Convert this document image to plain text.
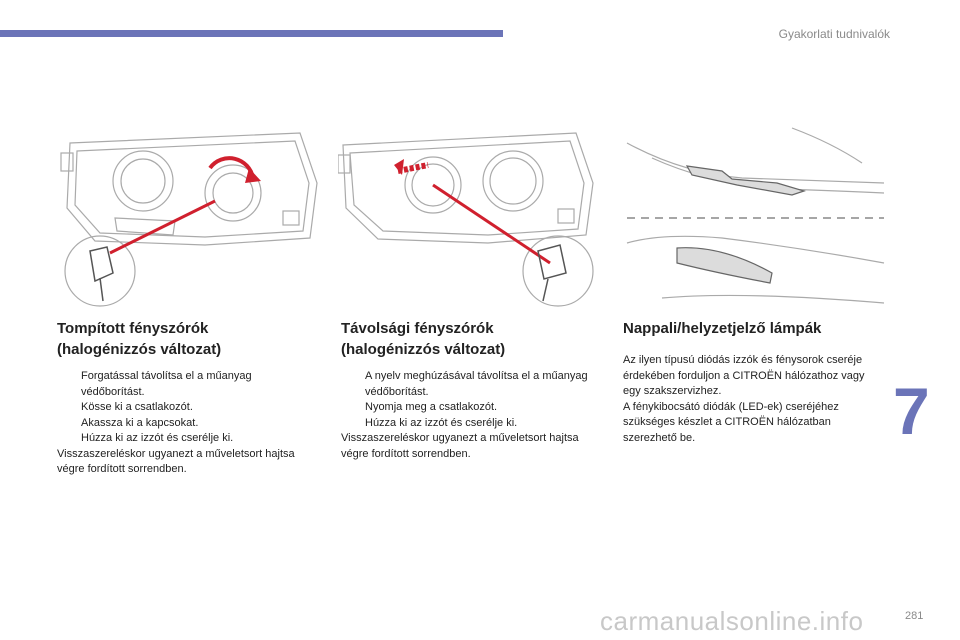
Gyakorlati tudnivalók
Tompított fényszórók
(halogénizzós változat)
Forgatással távolítsa el a műanyag védőborítást.
Kösse ki a csatlakozót.
Akassza ki a kapcsokat.
Húzza ki az izzót és cserélje ki.

Visszaszereléskor ugyanezt a műveletsort hajtsa végre fordított sorrendben.

Távolsági fényszórók
(halogénizzós változat)
A nyelv meghúzásával távolítsa el a műanyag védőborítást.
Nyomja meg a csatlakozót.
Húzza ki az izzót és cserélje ki.

Visszaszereléskor ugyanezt a műveletsort hajtsa végre fordított sorrendben.

Nappali/helyzetjelző lámpák

Az ilyen típusú diódás izzók és fénysorok cseréje érdekében forduljon a CITROËN hálózathoz vagy egy szakszervizhez.

A fénykibocsátó diódák (LED-ek) cseréjéhez szükséges készlet a CITROËN hálózatban szerezhető be.	7
carmanualsonline.info	281
